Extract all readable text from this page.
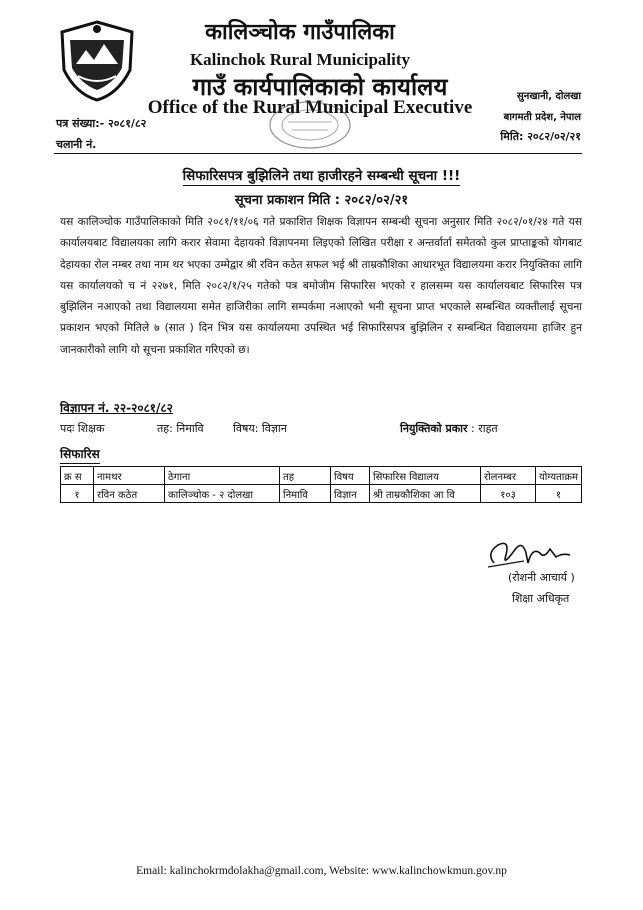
कालिञ्चोक गाउँपालिका
Kalinchok Rural Municipality
गाउँ कार्यपालिकाको कार्यालय
Office of the Rural Municipal Executive
सुनखानी, दोलखा
बागमती प्रदेश, नेपाल
मिति: २०८२/०२/२१
पत्र संख्या:- २०८१/८२
चलानी नं.
सिफारिसपत्र बुझिलिने तथा हाजीरहने सम्बन्धी सूचना !!!
सूचना प्रकाशन मिति : २०८२/०२/२१
यस कालिञ्चोक गाउँपालिकाको मिति २०८१/११/०६ गते प्रकाशित शिक्षक विज्ञापन सम्बन्धी सूचना अनुसार मिति २०८२/०१/२४ गते यस कार्यालयबाट विद्यालयका लागि करार सेवामा देहायको विज्ञापनमा लिइएको लिखित परीक्षा र अन्तर्वार्ता समेतको कुल प्राप्ताङ्कको योगबाट देहायका रोल नम्बर तथा नाम थर भएका उम्मेद्वार श्री रविन कठेत सफल भई श्री ताम्रकौशिका आधारभूत विद्यालयमा करार नियुक्तिका लागि यस कार्यालयको च नं २२७१, मिति २०८२/१/२५ गतेको पत्र बमोजीम सिफारिस भएको र हालसम्म यस कार्यालयबाट सिफारिस पत्र बुझिलिन नआएको तथा विद्यालयमा समेत हाजिरीका लागि सम्पर्कमा नआएको भनी सूचना प्राप्त भएकाले सम्बन्धित व्यक्तीलाई सूचना प्रकाशन भएको मितिले ७ (सात ) दिन भित्र यस कार्यालयमा उपस्थित भई सिफारिसपत्र बुझिलिन र सम्बन्धित विद्यालयमा हाजिर हुन जानकारीको लागि यो सूचना प्रकाशित गरिएको छ।
विज्ञापन नं. २२-२०८१/८२
पदः शिक्षक	तह: निमावि	विषय: विज्ञान	नियुक्तिको प्रकार : राहत
सिफारिस
क्र स	नामथर	ठेगाना	तह	विषय	सिफारिस विद्यालय	रोलनम्बर	योग्यताक्रम
१	रविन कठेत	कालिञ्चोक - २ दोलखा	निमावि	विज्ञान	श्री ताम्रकौशिका आ वि	१०३	१
(रोशनी आचार्य )
शिक्षा अधिकृत
Email: kalinchokrmdolakha@gmail.com, Website: www.kalinchowkmun.gov.np
